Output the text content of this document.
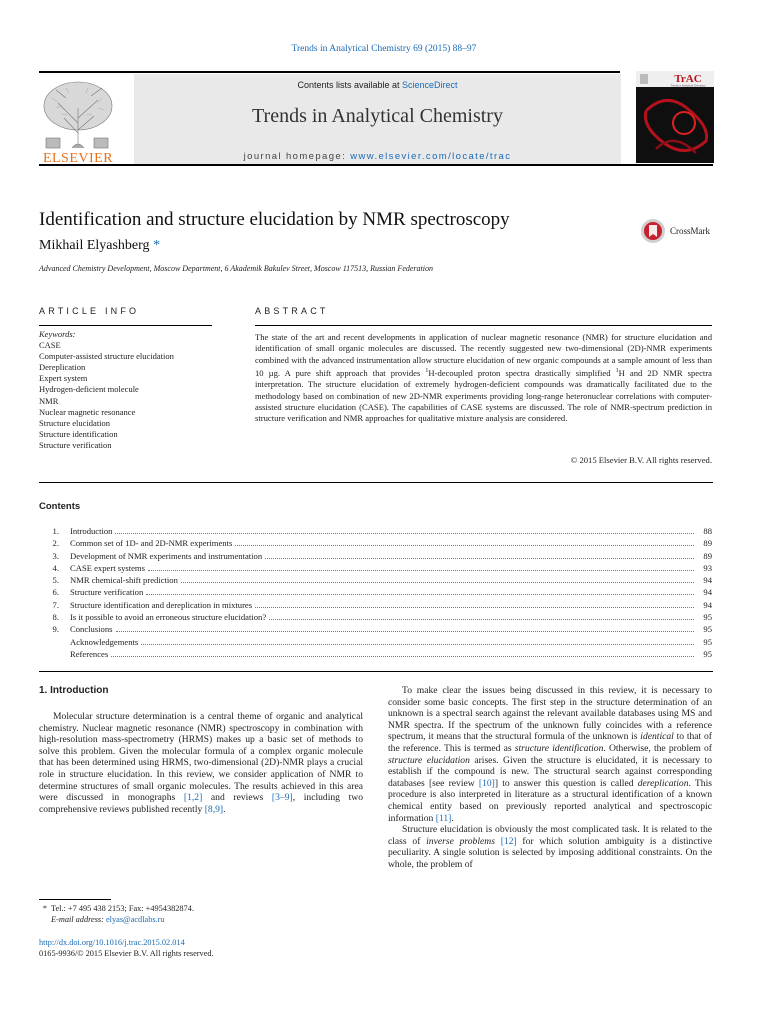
Trends in Analytical Chemistry 69 (2015) 88–97
Contents lists available at ScienceDirect
Trends in Analytical Chemistry
journal homepage: www.elsevier.com/locate/trac
ELSEVIER
TrAC
Trends in Analytical Chemistry
Identification and structure elucidation by NMR spectroscopy
Mikhail Elyashberg *
Advanced Chemistry Development, Moscow Department, 6 Akademik Bakulev Street, Moscow 117513, Russian Federation
CrossMark
ARTICLE INFO	ABSTRACT
Keywords:
CASE
Computer-assisted structure elucidation
Dereplication
Expert system
Hydrogen-deficient molecule
NMR
Nuclear magnetic resonance
Structure elucidation
Structure identification
Structure verification
The state of the art and recent developments in application of nuclear magnetic resonance (NMR) for structure elucidation and identification of small organic molecules are discussed. The recently suggested new two-dimensional (2D)-NMR experiments combined with the advanced instrumentation allow structure elucidation of new organic compounds at a sample amount of less than 10 µg. A pure shift approach that provides $^1$H-decoupled proton spectra drastically simplified $^1$H and 2D NMR spectra interpretation. The structure elucidation of extremely hydrogen-deficient compounds was dramatically facilitated due to the methodology based on combination of new 2D-NMR experiments providing long-range heteronuclear correlations with computer-assisted structure elucidation (CASE). The capabilities of CASE systems are discussed. The role of NMR-spectrum prediction in structure verification and NMR approaches for qualitative mixture analysis are considered.
© 2015 Elsevier B.V. All rights reserved.
Contents
1. Introduction	88
2. Common set of 1D- and 2D-NMR experiments	89
3. Development of NMR experiments and instrumentation	89
4. CASE expert systems	93
5. NMR chemical-shift prediction	94
6. Structure verification	94
7. Structure identification and dereplication in mixtures	94
8. Is it possible to avoid an erroneous structure elucidation?	95
9. Conclusions	95
Acknowledgements	95
References	95
1. Introduction

Molecular structure determination is a central theme of organic and analytical chemistry. Nuclear magnetic resonance (NMR) spectroscopy in combination with high-resolution mass-spectrometry (HRMS) makes up a basic set of methods to solve this problem. Given the molecular formula of a complex organic molecule that has been determined using HRMS, two-dimensional (2D)-NMR plays a crucial role in structure elucidation. In this review, we consider application of NMR to determine structures of small organic molecules. The results achieved in this area were discussed in monographs [1,2] and reviews [3–9], including two comprehensive reviews published recently [8,9].

To make clear the issues being discussed in this review, it is necessary to consider some basic concepts. The first step in the structure determination of an unknown is a spectral search against the relevant available databases using MS and NMR spectra. If the spectrum of the unknown fully coincides with a reference spectrum, it means that the structural formula of the unknown is identical to that of the reference. This is termed as structure identification. Otherwise, the problem of structure elucidation arises. Given the structure is elucidated, it is necessary to establish if the compound is new. The structural search against corresponding databases [see review [10]] to answer this question is called dereplication. This procedure is also interpreted in literature as a structural identification of a known chemical entity based on previously reported analytical and spectroscopic information [11].

Structure elucidation is obviously the most complicated task. It is related to the class of inverse problems [12] for which solution ambiguity is a distinctive peculiarity. A single solution is selected by imposing additional constraints. On the whole, the problem of

* Tel.: +7 495 438 2153; Fax: +4954382874.
E-mail address: elyas@acdlabs.ru
http://dx.doi.org/10.1016/j.trac.2015.02.014
0165-9936/© 2015 Elsevier B.V. All rights reserved.
